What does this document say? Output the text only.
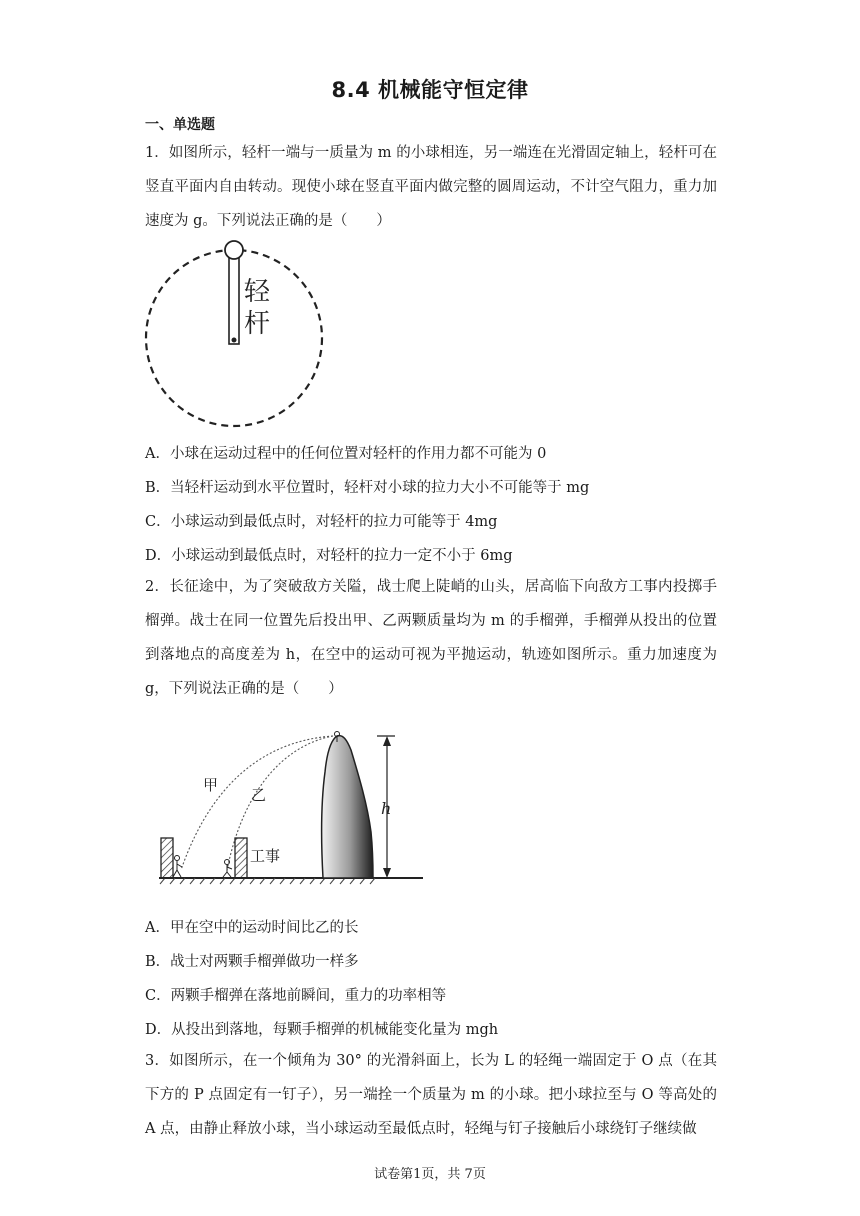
8.4 机械能守恒定律
一、单选题
1．如图所示，轻杆一端与一质量为 m 的小球相连，另一端连在光滑固定轴上，轻杆可在竖直平面内自由转动。现使小球在竖直平面内做完整的圆周运动，不计空气阻力，重力加速度为 g。下列说法正确的是（　　）
轻
杆
A．小球在运动过程中的任何位置对轻杆的作用力都不可能为 0
B．当轻杆运动到水平位置时，轻杆对小球的拉力大小不可能等于 mg
C．小球运动到最低点时，对轻杆的拉力可能等于 4mg
D．小球运动到最低点时，对轻杆的拉力一定不小于 6mg
2．长征途中，为了突破敌方关隘，战士爬上陡峭的山头，居高临下向敌方工事内投掷手榴弹。战士在同一位置先后投出甲、乙两颗质量均为 m 的手榴弹，手榴弹从投出的位置到落地点的高度差为 h，在空中的运动可视为平抛运动，轨迹如图所示。重力加速度为 g，下列说法正确的是（　　）
甲
乙
h
工事
A．甲在空中的运动时间比乙的长
B．战士对两颗手榴弹做功一样多
C．两颗手榴弹在落地前瞬间，重力的功率相等
D．从投出到落地，每颗手榴弹的机械能变化量为 mgh
3．如图所示，在一个倾角为 30° 的光滑斜面上，长为 L 的轻绳一端固定于 O 点（在其下方的 P 点固定有一钉子），另一端拴一个质量为 m 的小球。把小球拉至与 O 等高处的 A 点，由静止释放小球，当小球运动至最低点时，轻绳与钉子接触后小球绕钉子继续做
试卷第1页，共 7页
